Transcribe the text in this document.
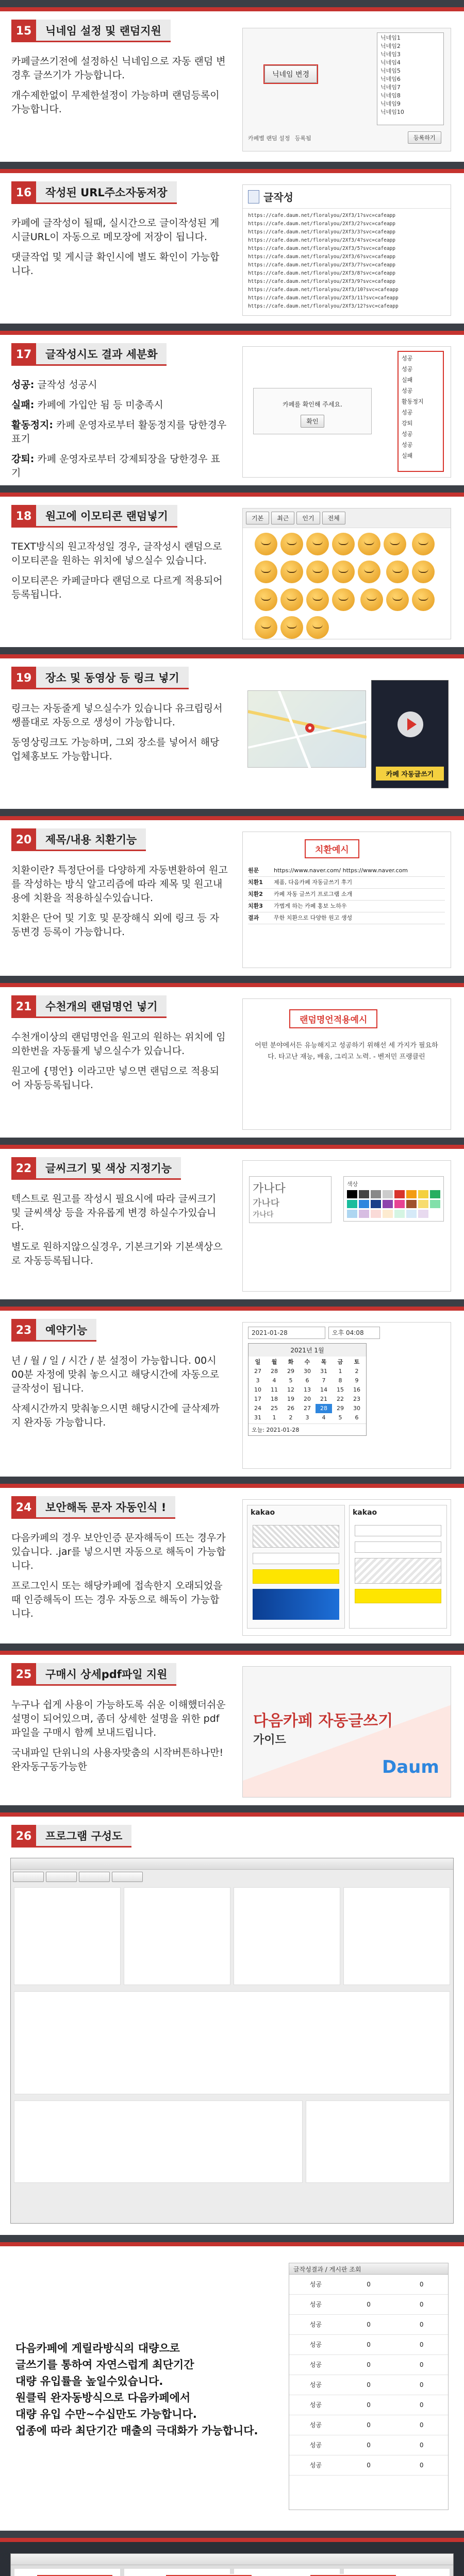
15	닉네임 설정 및 랜덤지원

카페글쓰기전에 설정하신 닉네임으로 자동 랜덤 변경후 글쓰기가 가능합니다.

개수제한없이 무제한설정이 가능하며 랜덤등록이 가능합니다.

닉네임 변경
닉네임1
닉네임2
닉네임3
닉네임4
닉네임5
닉네임6
닉네임7
닉네임8
닉네임9
닉네임10
카페별 랜덤 설정 등록됨	등록하기
16	작성된 URL주소자동저장

카페에 글작성이 될때, 실시간으로 글이작성된 게시글URL이 자동으로 메모장에 저장이 됩니다.

댓글작업 및 게시글 확인시에 별도 확인이 가능합니다.

글작성
https://cafe.daum.net/floralyou/2Xf3/1?svc=cafeapp
https://cafe.daum.net/floralyou/2Xf3/2?svc=cafeapp
https://cafe.daum.net/floralyou/2Xf3/3?svc=cafeapp
https://cafe.daum.net/floralyou/2Xf3/4?svc=cafeapp
https://cafe.daum.net/floralyou/2Xf3/5?svc=cafeapp
https://cafe.daum.net/floralyou/2Xf3/6?svc=cafeapp
https://cafe.daum.net/floralyou/2Xf3/7?svc=cafeapp
https://cafe.daum.net/floralyou/2Xf3/8?svc=cafeapp
https://cafe.daum.net/floralyou/2Xf3/9?svc=cafeapp
https://cafe.daum.net/floralyou/2Xf3/10?svc=cafeapp
https://cafe.daum.net/floralyou/2Xf3/11?svc=cafeapp
https://cafe.daum.net/floralyou/2Xf3/12?svc=cafeapp
17	글작성시도 결과 세분화

성공: 글작성 성공시

실패: 카페에 가입안 됨 등 미충족시

활동정지: 카페 운영자로부터 활동정지를 당한경우 표기

강퇴: 카페 운영자로부터 강제퇴장을 당한경우 표기

카페를 확인해 주세요.
확인
성공
성공
실패
성공
활동정지
성공
강퇴
성공
성공
실패
18	원고에 이모티콘 랜덤넣기

TEXT방식의 원고작성일 경우, 글작성시 랜덤으로 이모티콘을 원하는 위치에 넣으실수 있습니다.

이모티콘은 카페글마다 랜덤으로 다르게 적용되어 등록됩니다.

기본	최근	인기	전체

19	장소 및 동영상 등 링크 넣기

링크는 자동줄게 넣으실수가 있습니다 유크립링서 쌩플대로 자동으로 생성이 가능합니다.

동영상링크도 가능하며, 그외 장소를 넣어서 해당 업체홍보도 가능합니다.

카페 자동글쓰기
20	제목/내용 치환기능

치환이란? 특정단어를 다양하게 자동변환하여 원고를 작성하는 방식 알고리즘에 따라 제목 및 원고내용에 치환을 적용하실수있습니다.

치환은 단어 및 기호 및 문장해식 외에 링크 등 자동변경 등록이 가능합니다.

치환예시
원문	https://www.naver.com/ https://www.naver.com
치환1	제품, 다음카페 자동글쓰기 후기
치환2	카페 자동 글쓰기 프로그램 소개
치환3	가볍게 하는 카페 홍보 노하우
결과	무한 치환으로 다양한 원고 생성
21	수천개의 랜덤명언 넣기

수천개이상의 랜덤명언을 원고의 원하는 위치에 임의한번을 자동률게 넣으실수가 있습니다.

원고에 {명언} 이라고만 넣으면 랜덤으로 적용되어 자동등록됩니다.

랜덤명언적용예시
어떤 분야에서든 유능해지고 성공하기 위해선 세 가지가 필요하다. 타고난 재능, 배움, 그리고 노력. - 벤저민 프랭클린
22	글씨크기 및 색상 지정기능

텍스트로 원고를 작성시 필요시에 따라 글씨크기 및 글씨색상 등을 자유롭게 변경 하실수가있습니다.

별도로 원하지않으실경우, 기본크기와 기본색상으로 자동등록됩니다.

가나다
가나다
가나다
색상
23	예약기능

년 / 월 / 일 / 시간 / 분 설정이 가능합니다. 00시00분 자정에 맞춰 놓으시고 해당시간에 자동으로 글작성이 됩니다.

삭제시간까지 맞춰놓으시면 해당시간에 글삭제까지 완자동 가능합니다.

2021-01-28	오후 04:08
2021년 1월
일	월	화	수	목	금	토
27	28	29	30	31	1	2
3	4	5	6	7	8	9
10	11	12	13	14	15	16
17	18	19	20	21	22	23
24	25	26	27	28	29	30
31	1	2	3	4	5	6
오늘: 2021-01-28
24	보안해독 문자 자동인식 !

다음카페의 경우 보안인증 문자해독이 뜨는 경우가있습니다. .jar를 넣으시면 자동으로 해독이 가능합니다.

프로그인시 또는 해당카페에 접속한지 오래되었을 때 인증해독이 뜨는 경우 자동으로 해독이 가능합니다.

kakao	kakao
25	구매시 상세pdf파일 지원

누구나 쉽게 사용이 가능하도록 쉬운 이해했더쉬운 설명이 되어있으며, 좀더 상세한 설명을 위한 pdf파일을 구매시 함께 보내드립니다.

국내파일 단위니의 사용자맞춤의 시작버튼하나만! 완자동구동가능한

다음카페 자동글쓰기
가이드
Daum
26	프로그램 구성도
다음카페에 게릴라방식의 대량으로
글쓰기를 통하여 자연스럽게 최단기간
대량 유입률을 높일수있습니다.
원클릭 완자동방식으로 다음카페에서
대량 유입 수만~수십만도 가능합니다.
업종에 따라 최단기간 매출의 극대화가 가능합니다.
글작성결과 / 게시판 조회
성공	0	0
성공	0	0
성공	0	0
성공	0	0
성공	0	0
성공	0	0
성공	0	0
성공	0	0
성공	0	0
성공	0	0
